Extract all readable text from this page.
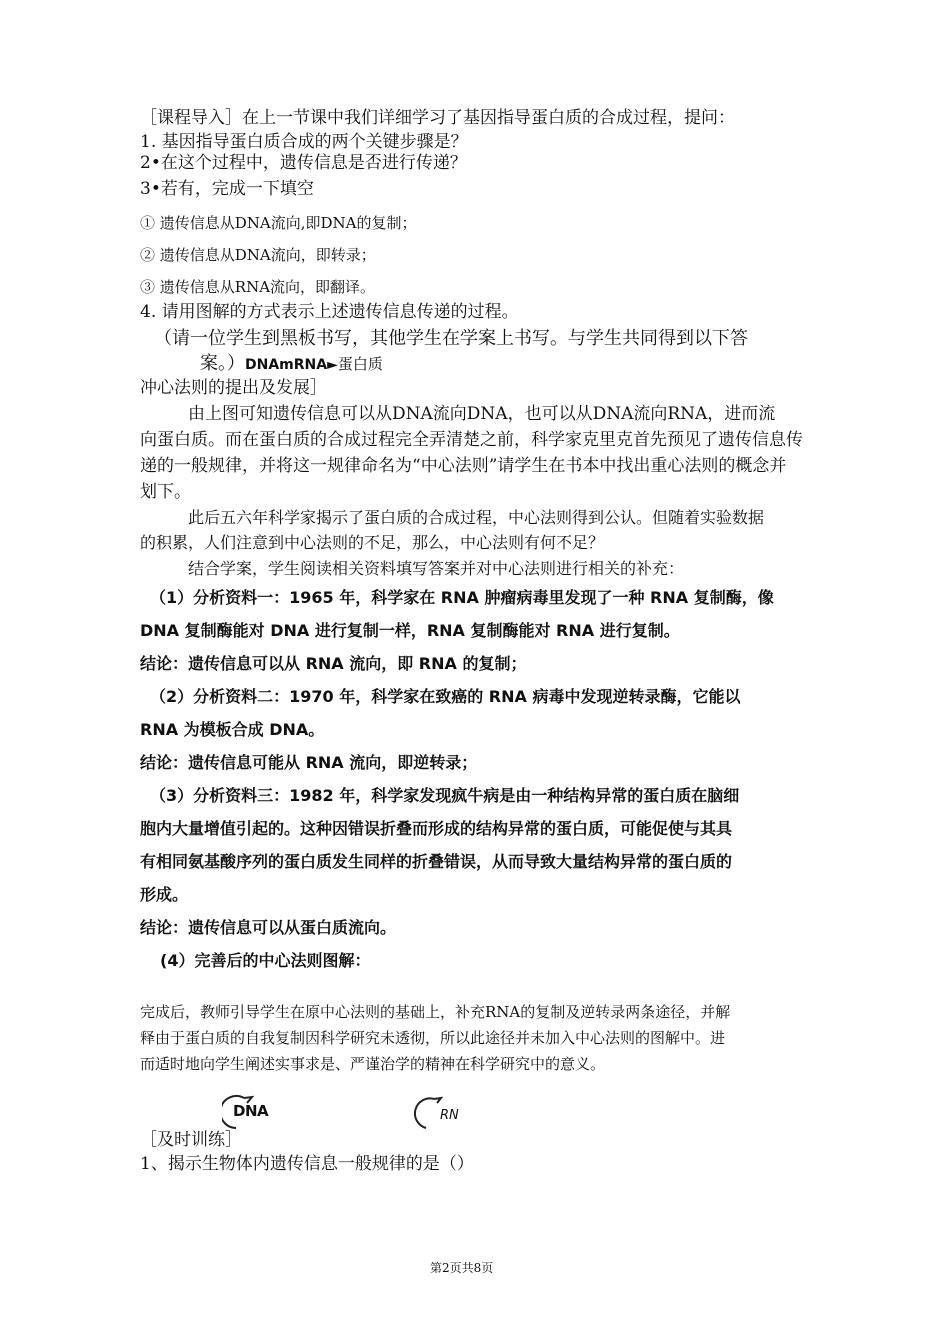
［课程导入］在上一节课中我们详细学习了基因指导蛋白质的合成过程，提问：
1. 基因指导蛋白质合成的两个关键步骤是？
2•在这个过程中，遗传信息是否进行传递？
3•若有，完成一下填空
① 遗传信息从DNA流向,即DNA的复制；
② 遗传信息从DNA流向，即转录；
③ 遗传信息从RNA流向，即翻译。
4. 请用图解的方式表示上述遗传信息传递的过程。
（请一位学生到黑板书写，其他学生在学案上书写。与学生共同得到以下答
案。）DNAmRNA►蛋白质
冲心法则的提出及发展］
由上图可知遗传信息可以从DNA流向DNA，也可以从DNA流向RNA，进而流
向蛋白质。而在蛋白质的合成过程完全弄清楚之前，科学家克里克首先预见了遗传信息传
递的一般规律，并将这一规律命名为“中心法则”请学生在书本中找出重心法则的概念并
划下。
此后五六年科学家揭示了蛋白质的合成过程，中心法则得到公认。但随着实验数据
的积累，人们注意到中心法则的不足，那么，中心法则有何不足？
结合学案，学生阅读相关资料填写答案并对中心法则进行相关的补充：
（1）分析资料一：1965 年，科学家在 RNA 肿瘤病毒里发现了一种 RNA 复制酶，像
DNA 复制酶能对 DNA 进行复制一样，RNA 复制酶能对 RNA 进行复制。
结论：遗传信息可以从 RNA 流向，即 RNA 的复制；
（2）分析资料二：1970 年，科学家在致癌的 RNA 病毒中发现逆转录酶，它能以
RNA 为模板合成 DNA。
结论：遗传信息可能从 RNA 流向，即逆转录；
（3）分析资料三：1982 年，科学家发现疯牛病是由一种结构异常的蛋白质在脑细
胞内大量增值引起的。这种因错误折叠而形成的结构异常的蛋白质，可能促使与其具
有相同氨基酸序列的蛋白质发生同样的折叠错误，从而导致大量结构异常的蛋白质的
形成。
结论：遗传信息可以从蛋白质流向。
(4）完善后的中心法则图解：
完成后，教师引导学生在原中心法则的基础上，补充RNA的复制及逆转录两条途径，并解
释由于蛋白质的自我复制因科学研究未透彻，所以此途径并未加入中心法则的图解中。进
而适时地向学生阐述实事求是、严谨治学的精神在科学研究中的意义。
DNA	RN
［及时训练］
1、揭示生物体内遗传信息一般规律的是（）
第2页共8页
